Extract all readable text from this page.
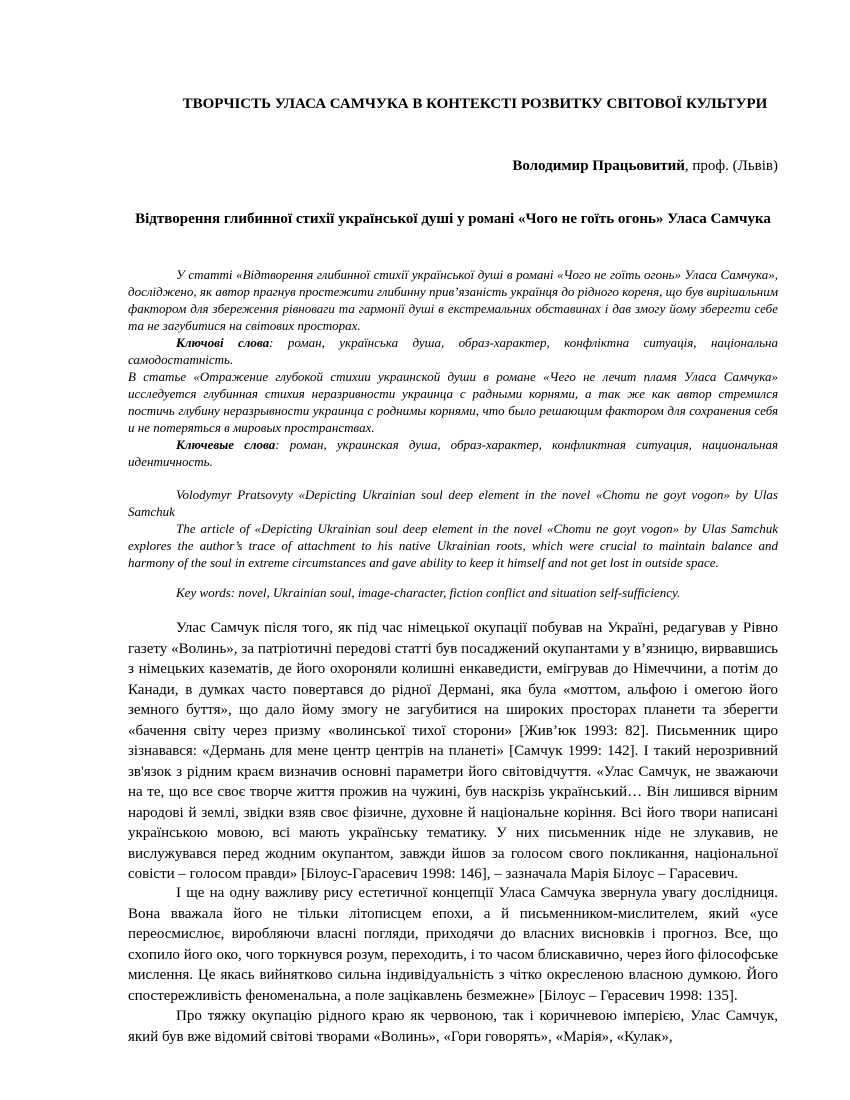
ТВОРЧІСТЬ УЛАСА САМЧУКА В КОНТЕКСТІ РОЗВИТКУ СВІТОВОЇ КУЛЬТУРИ

Володимир Працьовитий, проф. (Львів)

Відтворення глибинної стихії української душі у романі «Чого не гоїть огонь» Уласа Самчука

У статті «Відтворення глибинної стихії української душі в романі «Чого не гоїть огонь» Уласа Самчука», досліджено, як автор прагнув простежити глибинну прив’язаність українця до рідного кореня, що був вирішальним фактором для збереження рівноваги та гармонії душі в екстремальних обставинах і дав змогу йому зберегти себе та не загубитися на світових просторах.

Ключові слова: роман, українська душа, образ-характер, конфліктна ситуація, національна самодостатність.

В статье «Отражение глубокой стихии украинской души в романе «Чего не лечит пламя Уласа Самчука» исследуется глубинная стихия неразривности украинца с радными корнями, а так же как автор стремился постичь глубину неразрывности украинца с роднимы корнями, что было решающим фактором для сохранения себя и не потеряться в мировых пространствах.

Ключевые слова: роман, украинская душа, образ-характер, конфликтная ситуация, национальная идентичность.

Volodymyr Pratsovyty «Depicting Ukrainian soul deep element in the novel «Chomu ne goyt vogon» by Ulas Samchuk

The article of «Depicting Ukrainian soul deep element in the novel «Chomu ne goyt vogon» by Ulas Samchuk explores the author’s trace of attachment to his native Ukrainian roots, which were crucial to maintain balance and harmony of the soul in extreme circumstances and gave ability to keep it himself and not get lost in outside space.

Key words: novel, Ukrainian soul, image-character, fiction conflict and situation self-sufficiency.

Улас Самчук після того, як під час німецької окупації побував на Україні, редагував у Рівно газету «Волинь», за патріотичні передові статті був посаджений окупантами у в’язницю, вирвавшись з німецьких казематів, де його охороняли колишні енкаведисти, емігрував до Німеччини, а потім до Канади, в думках часто повертався до рідної Дермані, яка була «моттом, альфою і омегою його земного буття», що дало йому змогу не загубитися на широких просторах планети та зберегти «бачення світу через призму «волинської тихої сторони» [Жив’юк 1993: 82]. Письменник щиро зізнавався: «Дермань для мене центр центрів на планеті» [Самчук 1999: 142]. І такий нерозривний зв'язок з рідним краєм визначив основні параметри його світовідчуття. «Улас Самчук, не зважаючи на те, що все своє творче життя прожив на чужині, був наскрізь український… Він лишився вірним народові й землі, звідки взяв своє фізичне, духовне й національне коріння. Всі його твори написані українською мовою, всі мають українську тематику. У них письменник ніде не злукавив, не вислужувався перед жодним окупантом, завжди йшов за голосом свого покликання, національної совісти – голосом правди» [Білоус-Гарасевич 1998: 146], – зазначала Марія Білоус – Гарасевич.

І ще на одну важливу рису естетичної концепції Уласа Самчука звернула увагу дослідниця. Вона вважала його не тільки літописцем епохи, а й письменником-мислителем, який «усе переосмислює, виробляючи власні погляди, приходячи до власних висновків і прогноз. Все, що схопило його око, чого торкнувся розум, переходить, і то часом блискавично, через його філософське мислення. Це якась вийнятково сильна індивідуальність з чітко окресленою власною думкою. Його спостережливість феноменальна, а поле зацікавлень безмежне» [Білоус – Герасевич 1998: 135].

Про тяжку окупацію рідного краю як червоною, так і коричневою імперією, Улас Самчук, який був вже відомий світові творами «Волинь», «Гори говорять», «Марія», «Кулак»,
